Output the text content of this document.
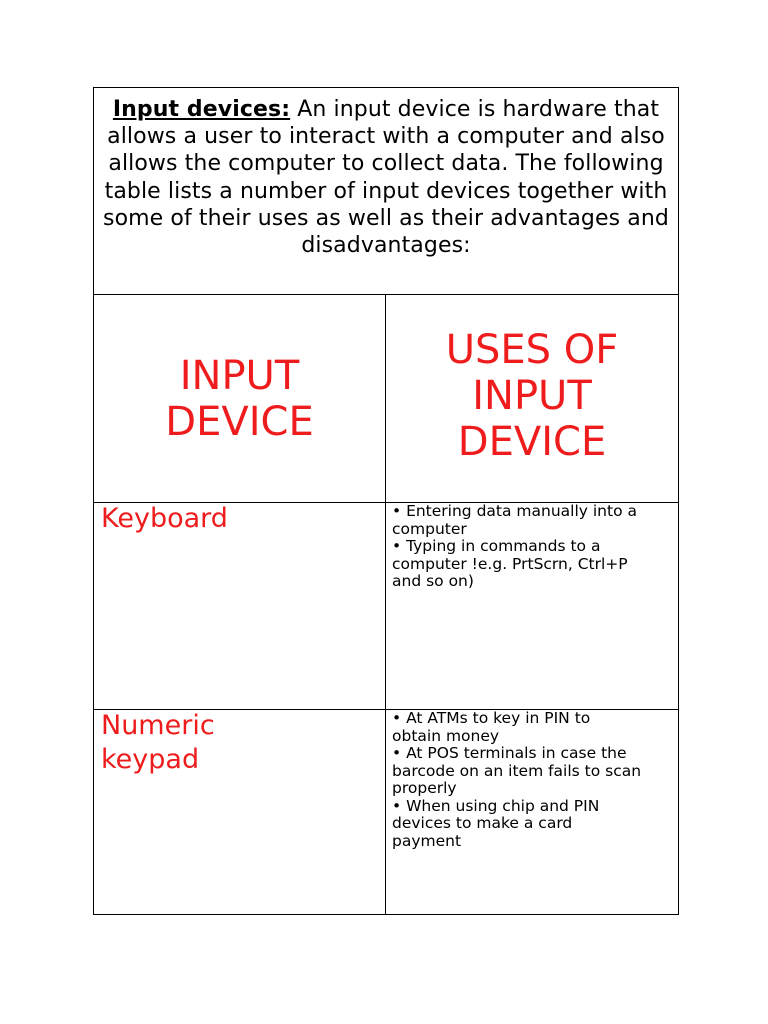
Input devices: An input device is hardware that allows a user to interact with a computer and also allows the computer to collect data. The following table lists a number of input devices together with some of their uses as well as their advantages and disadvantages:
INPUT DEVICE
USES OF INPUT DEVICE
Keyboard	• Entering data manually into a computer
• Typing in commands to a computer !e.g. PrtScrn, Ctrl+P and so on)
Numeric keypad
• At ATMs to key in PIN to obtain money
• At POS terminals in case the barcode on an item fails to scan properly
• When using chip and PIN devices to make a card payment
